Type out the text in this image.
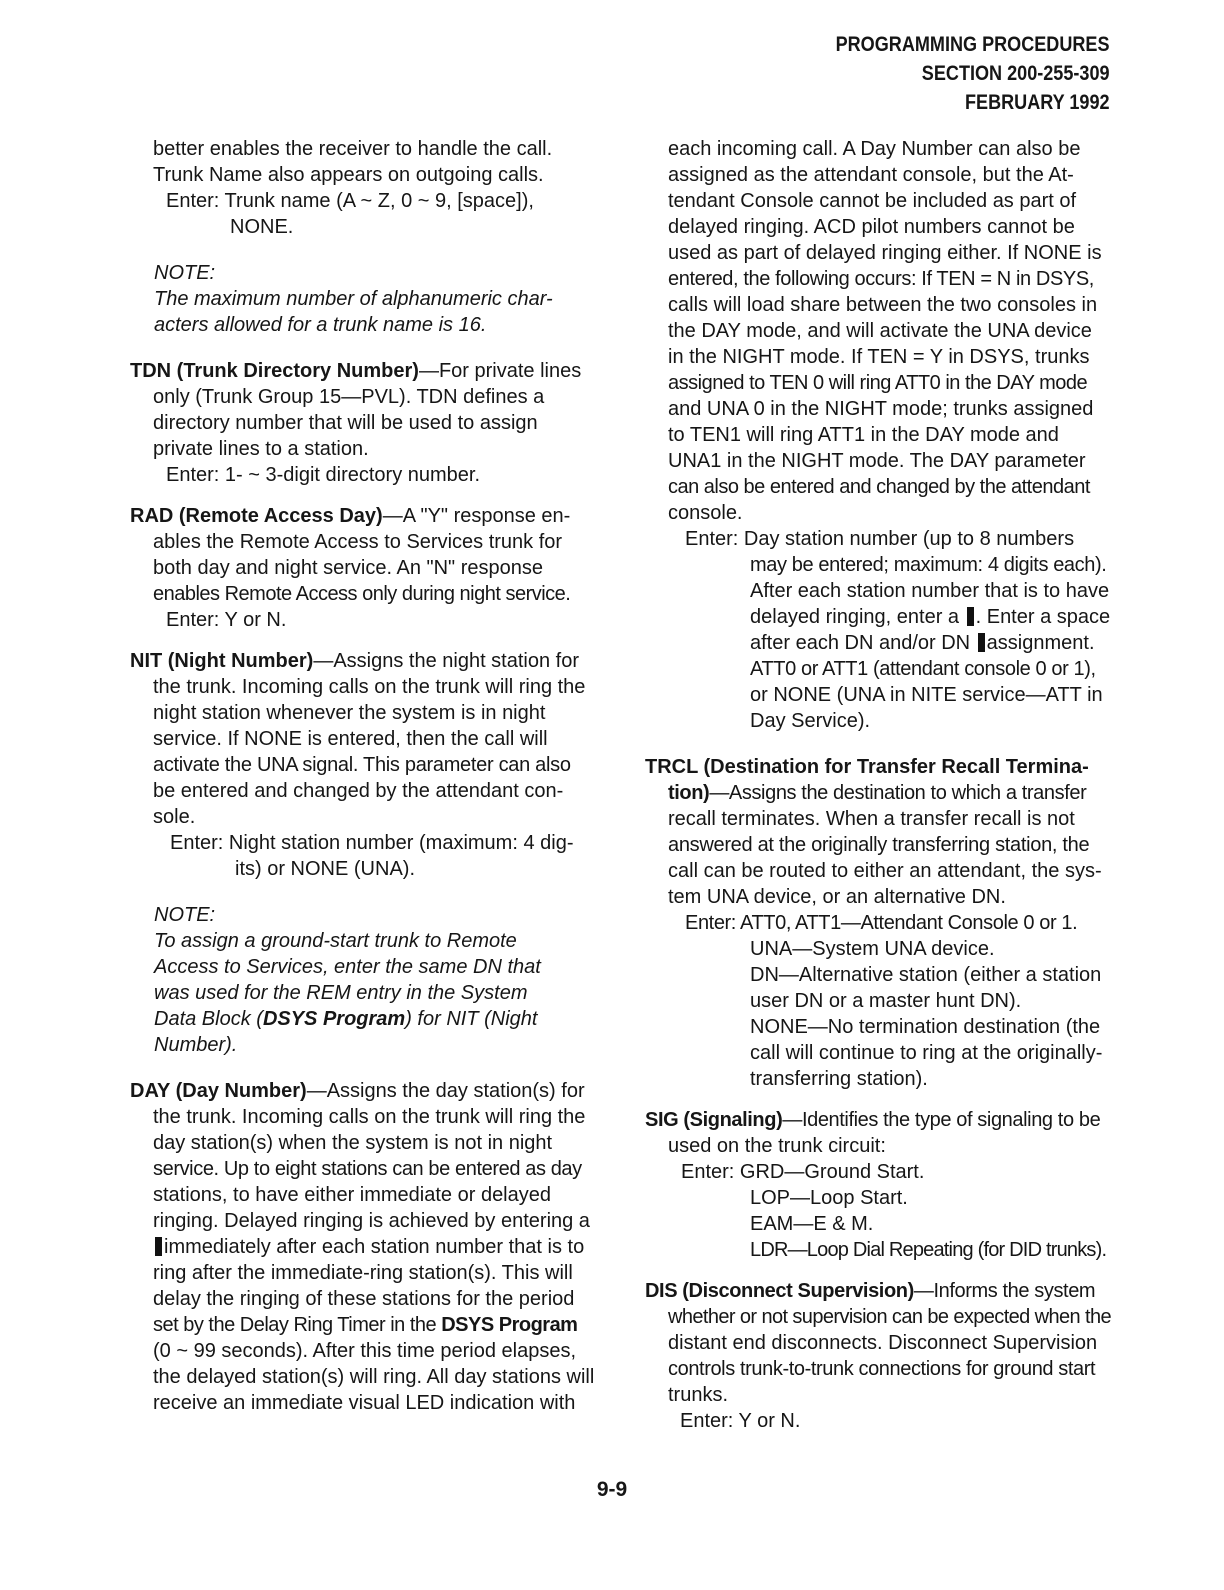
PROGRAMMING PROCEDURES
SECTION 200-255-309
FEBRUARY 1992

better enables the receiver to handle the call.

Trunk Name also appears on outgoing calls.

Enter: Trunk name (A ~ Z, 0 ~ 9, [space]),

NONE.

NOTE:

The maximum number of alphanumeric char-

acters allowed for a trunk name is 16.

TDN (Trunk Directory Number)—For private lines

only (Trunk Group 15—PVL). TDN defines a

directory number that will be used to assign

private lines to a station.

Enter: 1- ~ 3-digit directory number.

RAD (Remote Access Day)—A "Y" response en-

ables the Remote Access to Services trunk for

both day and night service. An "N" response

enables Remote Access only during night service.

Enter: Y or N.

NIT (Night Number)—Assigns the night station for

the trunk. Incoming calls on the trunk will ring the

night station whenever the system is in night

service. If NONE is entered, then the call will

activate the UNA signal. This parameter can also

be entered and changed by the attendant con-

sole.

Enter: Night station number (maximum: 4 dig-

its) or NONE (UNA).

NOTE:

To assign a ground-start trunk to Remote

Access to Services, enter the same DN that

was used for the REM entry in the System

Data Block (DSYS Program) for NIT (Night

Number).

DAY (Day Number)—Assigns the day station(s) for

the trunk. Incoming calls on the trunk will ring the

day station(s) when the system is not in night

service. Up to eight stations can be entered as day

stations, to have either immediate or delayed

ringing. Delayed ringing is achieved by entering a

immediately after each station number that is to

ring after the immediate-ring station(s). This will

delay the ringing of these stations for the period

set by the Delay Ring Timer in the DSYS Program

(0 ~ 99 seconds). After this time period elapses,

the delayed station(s) will ring. All day stations will

receive an immediate visual LED indication with

each incoming call. A Day Number can also be

assigned as the attendant console, but the At-

tendant Console cannot be included as part of

delayed ringing. ACD pilot numbers cannot be

used as part of delayed ringing either. If NONE is

entered, the following occurs: If TEN = N in DSYS,

calls will load share between the two consoles in

the DAY mode, and will activate the UNA device

in the NIGHT mode. If TEN = Y in DSYS, trunks

assigned to TEN 0 will ring ATT0 in the DAY mode

and UNA 0 in the NIGHT mode; trunks assigned

to TEN1 will ring ATT1 in the DAY mode and

UNA1 in the NIGHT mode. The DAY parameter

can also be entered and changed by the attendant

console.

Enter: Day station number (up to 8 numbers

may be entered; maximum: 4 digits each).

After each station number that is to have

delayed ringing, enter a . Enter a space

after each DN and/or DN assignment.

ATT0 or ATT1 (attendant console 0 or 1),

or NONE (UNA in NITE service—ATT in

Day Service).

TRCL (Destination for Transfer Recall Termina-

tion)—Assigns the destination to which a transfer

recall terminates. When a transfer recall is not

answered at the originally transferring station, the

call can be routed to either an attendant, the sys-

tem UNA device, or an alternative DN.

Enter: ATT0, ATT1—Attendant Console 0 or 1.

UNA—System UNA device.

DN—Alternative station (either a station

user DN or a master hunt DN).

NONE—No termination destination (the

call will continue to ring at the originally-

transferring station).

SIG (Signaling)—Identifies the type of signaling to be

used on the trunk circuit:

Enter: GRD—Ground Start.

LOP—Loop Start.

EAM—E & M.

LDR—Loop Dial Repeating (for DID trunks).

DIS (Disconnect Supervision)—Informs the system

whether or not supervision can be expected when the

distant end disconnects. Disconnect Supervision

controls trunk-to-trunk connections for ground start

trunks.

Enter: Y or N.

9-9
